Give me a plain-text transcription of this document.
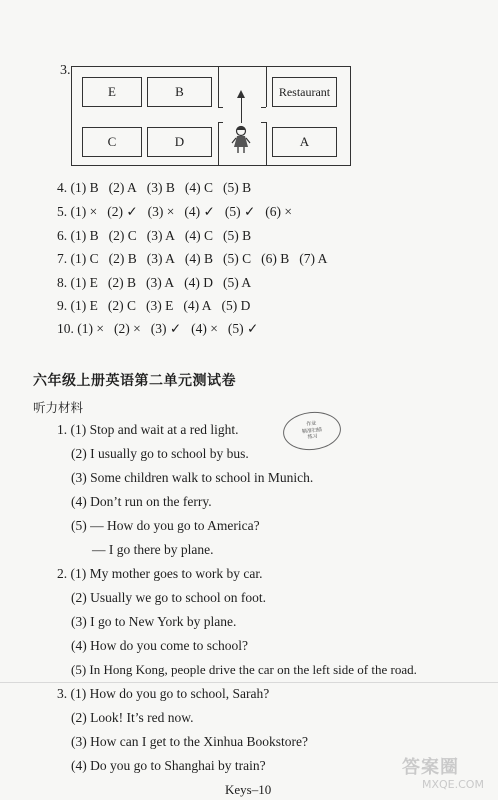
3.
E	B	Restaurant
C	D	A
4. (1) B (2) A (3) B (4) C (5) B
5. (1) × (2) ✓ (3) × (4) ✓ (5) ✓ (6) ×
6. (1) B (2) C (3) A (4) C (5) B
7. (1) C (2) B (3) A (4) B (5) C (6) B (7) A
8. (1) E (2) B (3) A (4) D (5) A
9. (1) E (2) C (3) E (4) A (5) D
10. (1) × (2) × (3) ✓ (4) × (5) ✓
六年级上册英语第二单元测试卷
听力材料
作业
精准扫描
练习
1. (1) Stop and wait at a red light.
(2) I usually go to school by bus.
(3) Some children walk to school in Munich.
(4) Don’t run on the ferry.
(5) — How do you go to America?
— I go there by plane.
2. (1) My mother goes to work by car.
(2) Usually we go to school on foot.
(3) I go to New York by plane.
(4) How do you come to school?
(5) In Hong Kong, people drive the car on the left side of the road.
3. (1) How do you go to school, Sarah?
(2) Look! It’s red now.
(3) How can I get to the Xinhua Bookstore?
(4) Do you go to Shanghai by train?
Keys–10
答案圈
MXQE.COM
